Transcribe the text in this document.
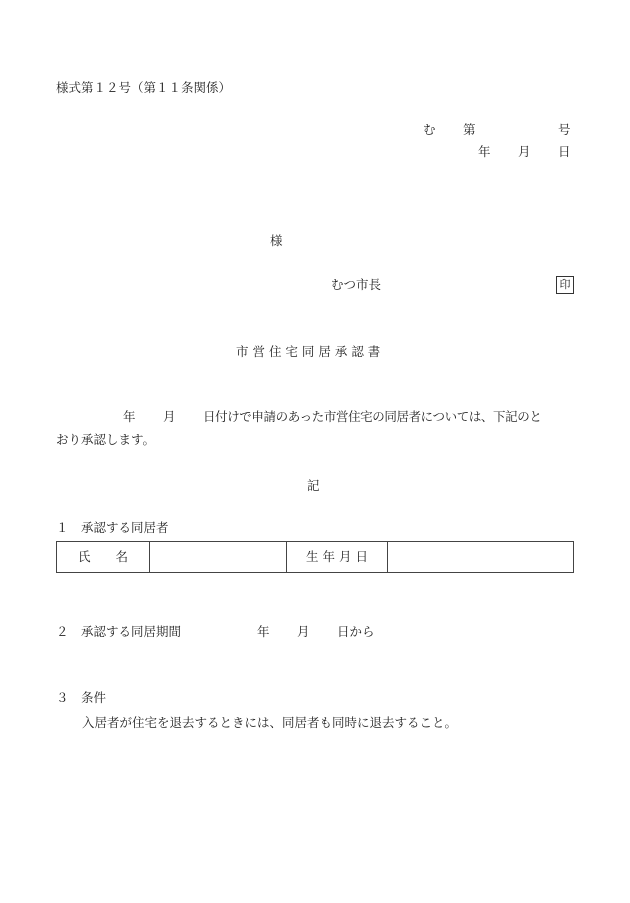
様式第１２号（第１１条関係）
む 第	号
年 月 日
様
むつ市長	印
市 営 住 宅 同 居 承 認 書
年 月 日付けで申請のあった市営住宅の同居者については、下記のと
おり承認します。
記
１　承認する同居者
氏　　名		生 年 月 日	
２　承認する同居期間	年 月 日から
３　条件
入居者が住宅を退去するときには、同居者も同時に退去すること。
